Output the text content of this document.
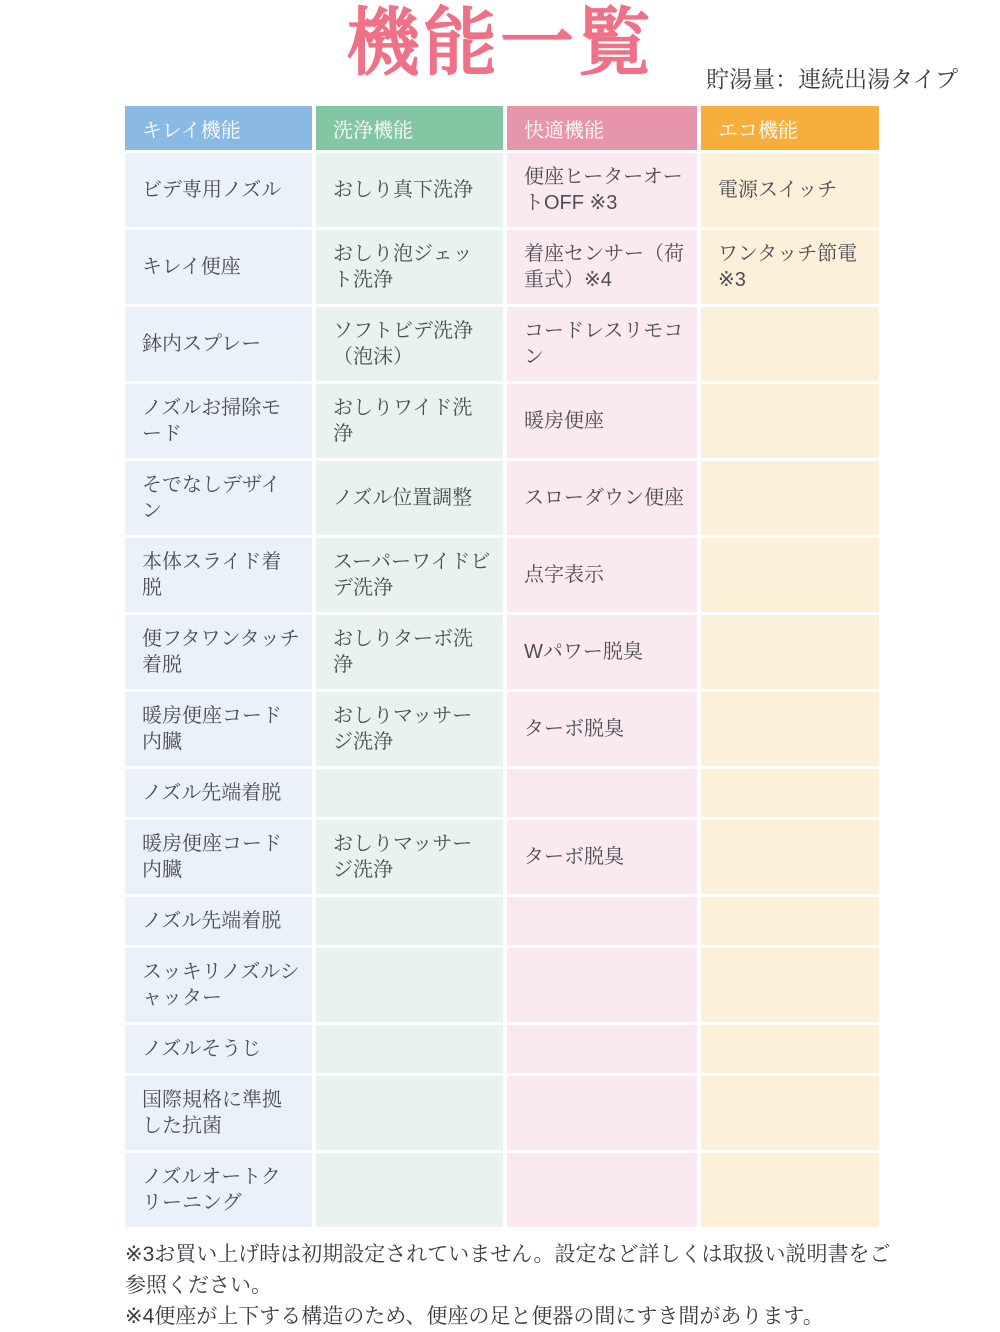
機能一覧	貯湯量：連続出湯タイプ
キレイ機能	洗浄機能	快適機能	エコ機能
ビデ専用ノズル	おしり真下洗浄	便座ヒーターオートOFF ※3	電源スイッチ
キレイ便座	おしり泡ジェット洗浄	着座センサー（荷重式）※4	ワンタッチ節電※3
鉢内スプレー	ソフトビデ洗浄（泡沫）	コードレスリモコン	
ノズルお掃除モード	おしりワイド洗浄	暖房便座	
そでなしデザイン	ノズル位置調整	スローダウン便座	
本体スライド着脱	スーパーワイドビデ洗浄	点字表示	
便フタワンタッチ着脱	おしりターボ洗浄	Wパワー脱臭	
暖房便座コード内臓	おしりマッサージ洗浄	ターボ脱臭	
ノズル先端着脱			
暖房便座コード内臓	おしりマッサージ洗浄	ターボ脱臭	
ノズル先端着脱			
スッキリノズルシャッター			
ノズルそうじ			
国際規格に準拠した抗菌			
ノズルオートクリーニング			
※3お買い上げ時は初期設定されていません。設定など詳しくは取扱い説明書をご参照ください。
※4便座が上下する構造のため、便座の足と便器の間にすき間があります。
